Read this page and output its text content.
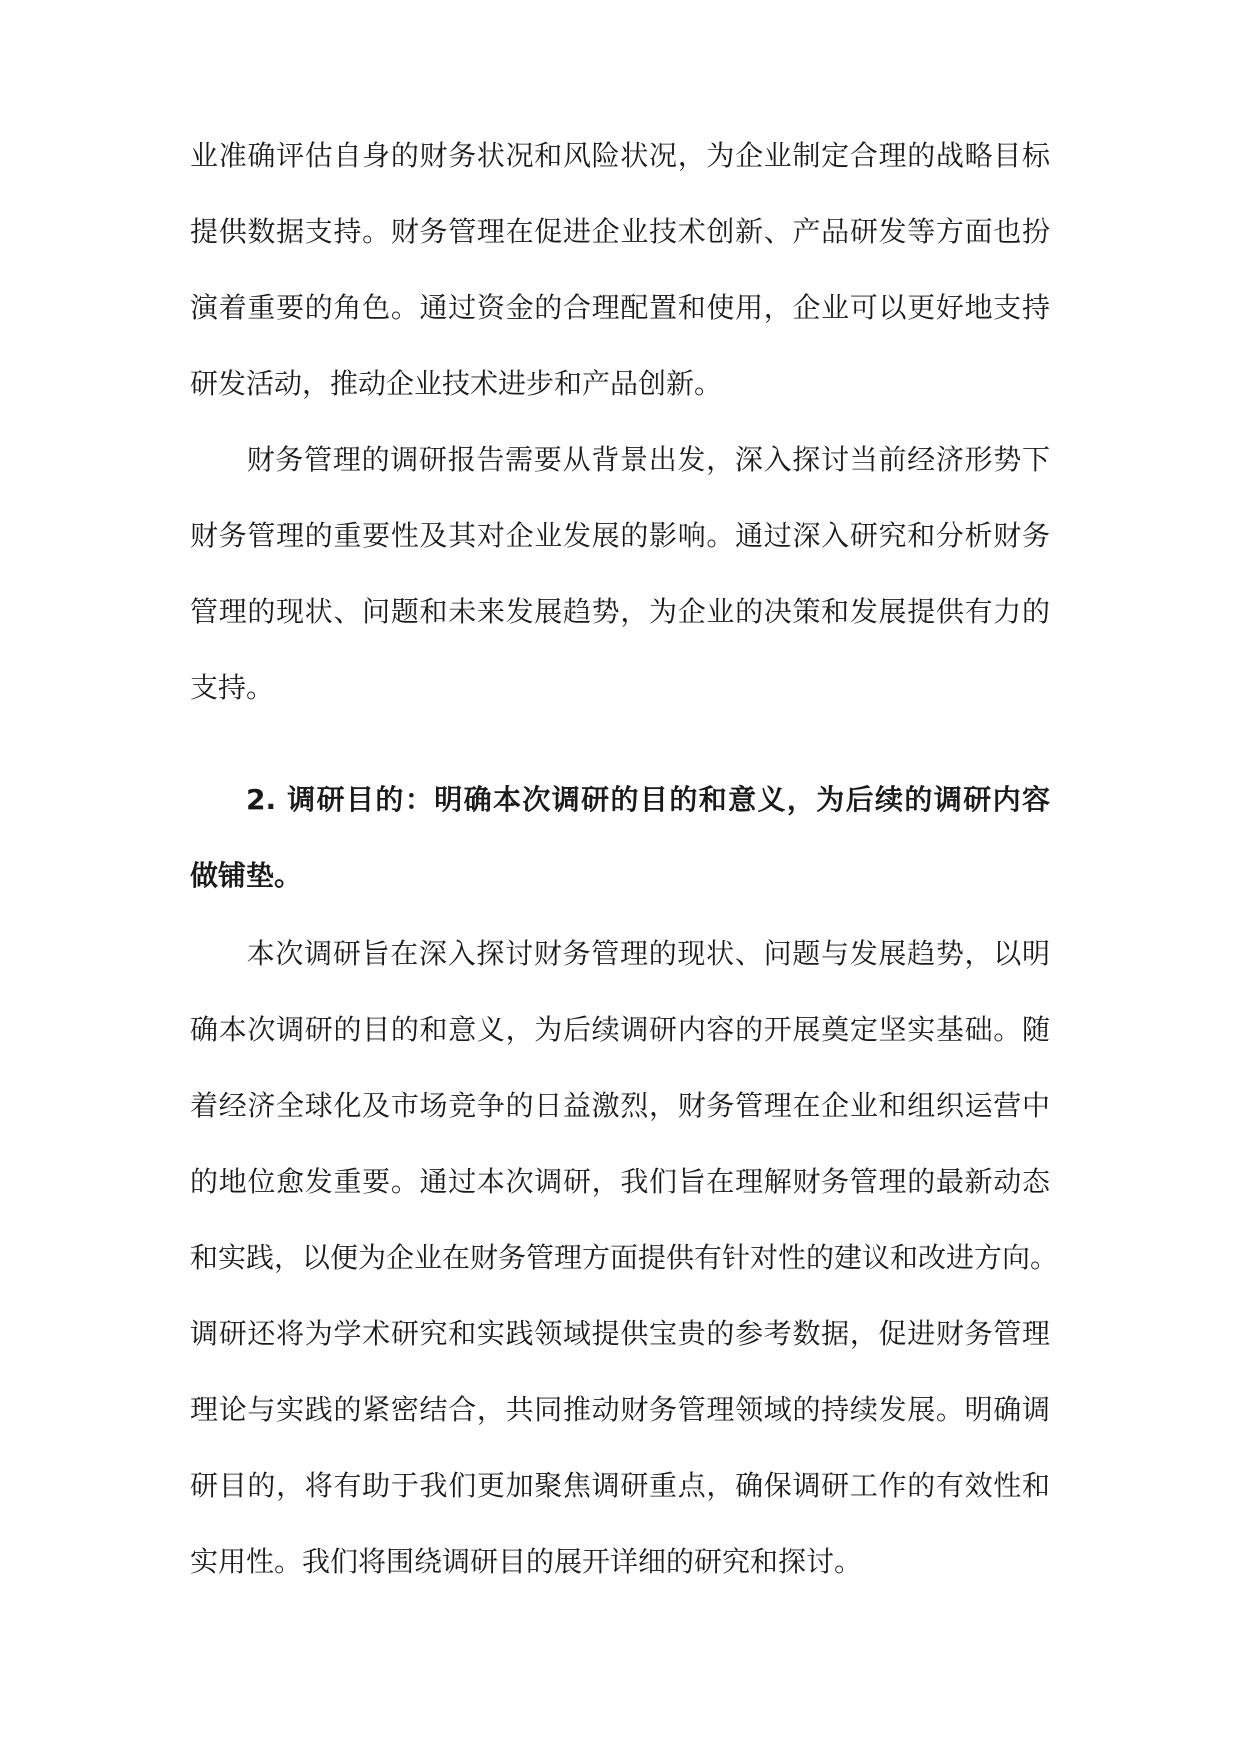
业准确评估自身的财务状况和风险状况，为企业制定合理的战略目标
提供数据支持。财务管理在促进企业技术创新、产品研发等方面也扮
演着重要的角色。通过资金的合理配置和使用，企业可以更好地支持
研发活动，推动企业技术进步和产品创新。
财务管理的调研报告需要从背景出发，深入探讨当前经济形势下
财务管理的重要性及其对企业发展的影响。通过深入研究和分析财务
管理的现状、问题和未来发展趋势，为企业的决策和发展提供有力的
支持。
2. 调研目的：明确本次调研的目的和意义，为后续的调研内容
做铺垫。
本次调研旨在深入探讨财务管理的现状、问题与发展趋势，以明
确本次调研的目的和意义，为后续调研内容的开展奠定坚实基础。随
着经济全球化及市场竞争的日益激烈，财务管理在企业和组织运营中
的地位愈发重要。通过本次调研，我们旨在理解财务管理的最新动态
和实践，以便为企业在财务管理方面提供有针对性的建议和改进方向。
调研还将为学术研究和实践领域提供宝贵的参考数据，促进财务管理
理论与实践的紧密结合，共同推动财务管理领域的持续发展。明确调
研目的，将有助于我们更加聚焦调研重点，确保调研工作的有效性和
实用性。我们将围绕调研目的展开详细的研究和探讨。
